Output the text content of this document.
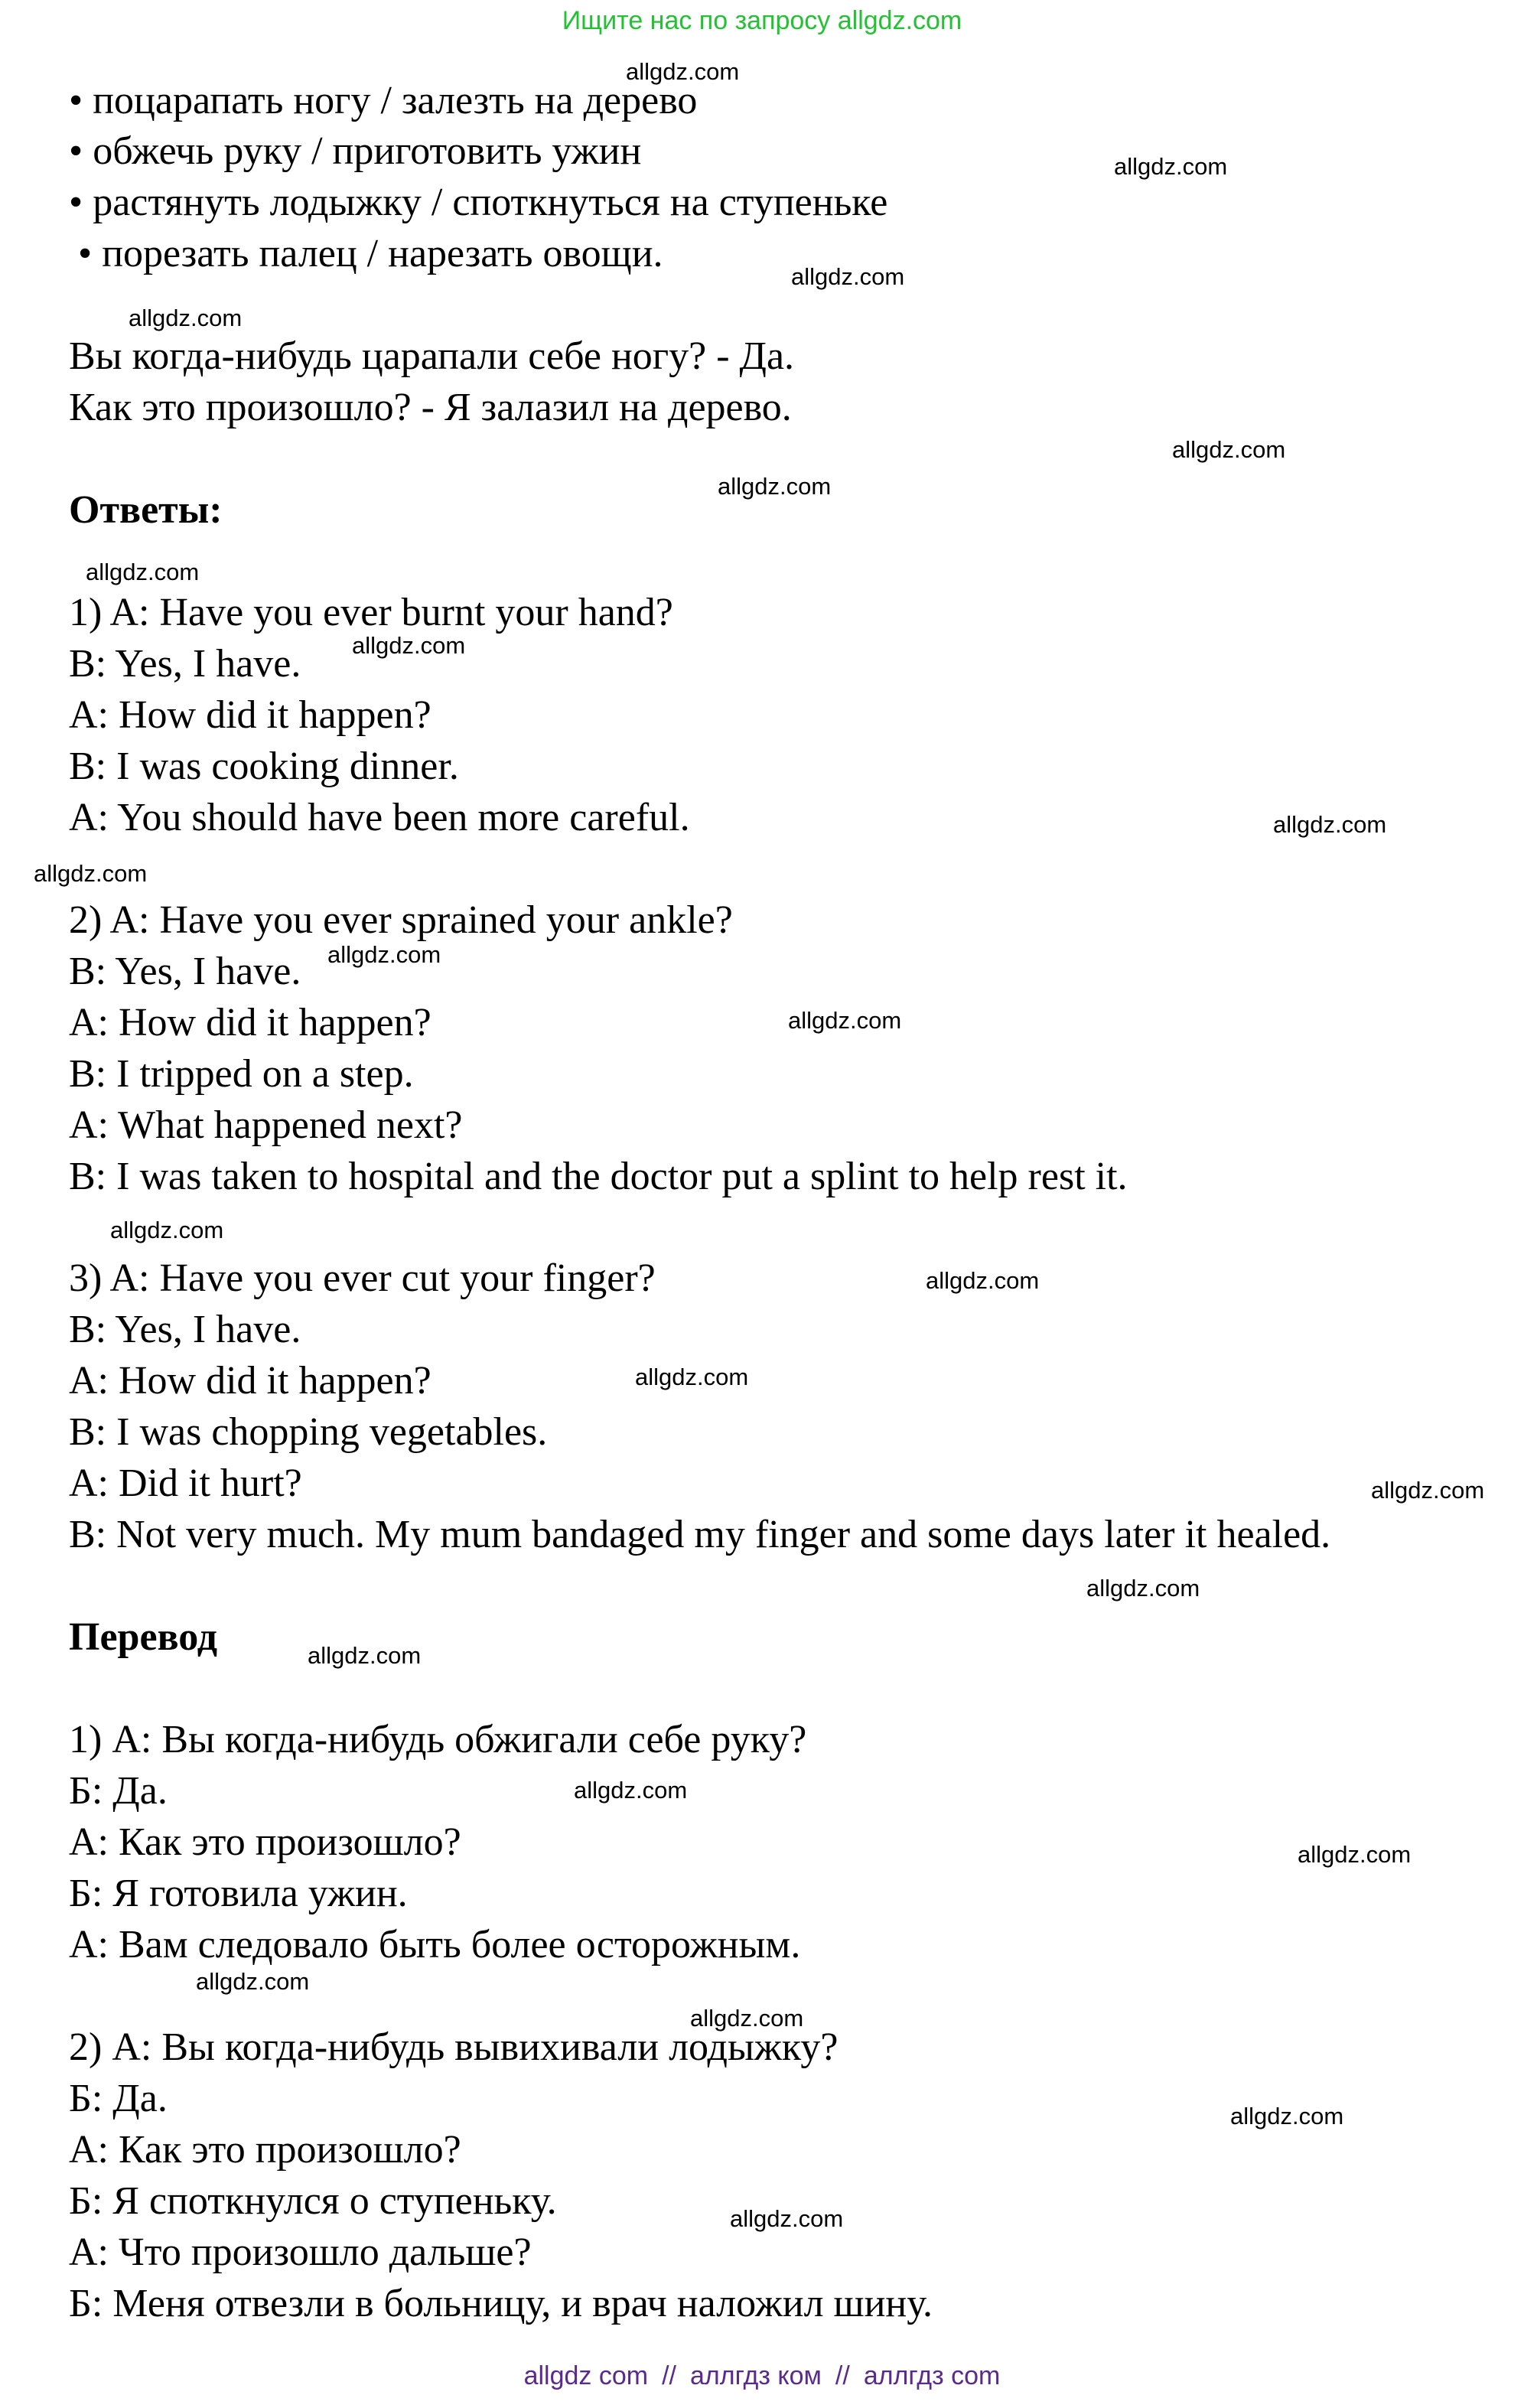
Ищите нас по запросу allgdz.com
• поцарапать ногу / залезть на дерево
• обжечь руку / приготовить ужин
• растянуть лодыжку / споткнуться на ступеньке
• порезать палец / нарезать овощи.
Вы когда-нибудь царапали себе ногу? - Да.
Как это произошло? - Я залазил на дерево.
Ответы:
1) A: Have you ever burnt your hand?
B: Yes, I have.
A: How did it happen?
B: I was cooking dinner.
A: You should have been more careful.
2) A: Have you ever sprained your ankle?
B: Yes, I have.
A: How did it happen?
B: I tripped on a step.
A: What happened next?
B: I was taken to hospital and the doctor put a splint to help rest it.
3) A: Have you ever cut your finger?
B: Yes, I have.
A: How did it happen?
B: I was chopping vegetables.
A: Did it hurt?
B: Not very much. My mum bandaged my finger and some days later it healed.
Перевод
1) А: Вы когда-нибудь обжигали себе руку?
Б: Да.
А: Как это произошло?
Б: Я готовила ужин.
А: Вам следовало быть более осторожным.
2) А: Вы когда-нибудь вывихивали лодыжку?
Б: Да.
А: Как это произошло?
Б: Я споткнулся о ступеньку.
А: Что произошло дальше?
Б: Меня отвезли в больницу, и врач наложил шину.
allgdz.com
allgdz.com
allgdz.com
allgdz.com
allgdz.com
allgdz.com
allgdz.com
allgdz.com
allgdz.com
allgdz.com
allgdz.com
allgdz.com
allgdz.com
allgdz.com
allgdz.com
allgdz.com
allgdz.com
allgdz.com
allgdz.com
allgdz.com
allgdz.com
allgdz.com
allgdz.com
allgdz.com
allgdz com // аллгдз ком // аллгдз com
